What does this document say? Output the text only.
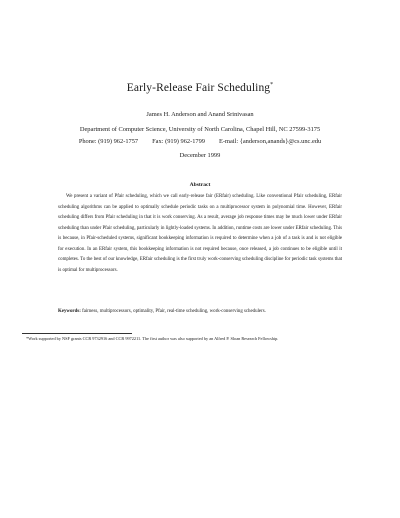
Early-Release Fair Scheduling*
James H. Anderson and Anand Srinivasan
Department of Computer Science, University of North Carolina, Chapel Hill, NC 27599-3175
Phone: (919) 962-1757 Fax: (919) 962-1799 E-mail: {anderson,anands}@cs.unc.edu
December 1999
Abstract

We present a variant of Pfair scheduling, which we call early-release fair (ERfair) scheduling. Like conventional Pfair scheduling, ERfair scheduling algorithms can be applied to optimally schedule periodic tasks on a multiprocessor system in polynomial time. However, ERfair scheduling differs from Pfair scheduling in that it is work conserving. As a result, average job response times may be much lower under ERfair scheduling than under Pfair scheduling, particularly in lightly-loaded systems. In addition, runtime costs are lower under ERfair scheduling. This is because, in Pfair-scheduled systems, significant bookkeeping information is required to determine when a job of a task is and is not eligible for execution. In an ERfair system, this bookkeeping information is not required because, once released, a job continues to be eligible until it completes. To the best of our knowledge, ERfair scheduling is the first truly work-conserving scheduling discipline for periodic task systems that is optimal for multiprocessors.

Keywords: fairness, multiprocessors, optimality, Pfair, real-time scheduling, work-conserving schedulers.

*Work supported by NSF grants CCR 9732916 and CCR 9972211. The first author was also supported by an Alfred P. Sloan Research Fellowship.
